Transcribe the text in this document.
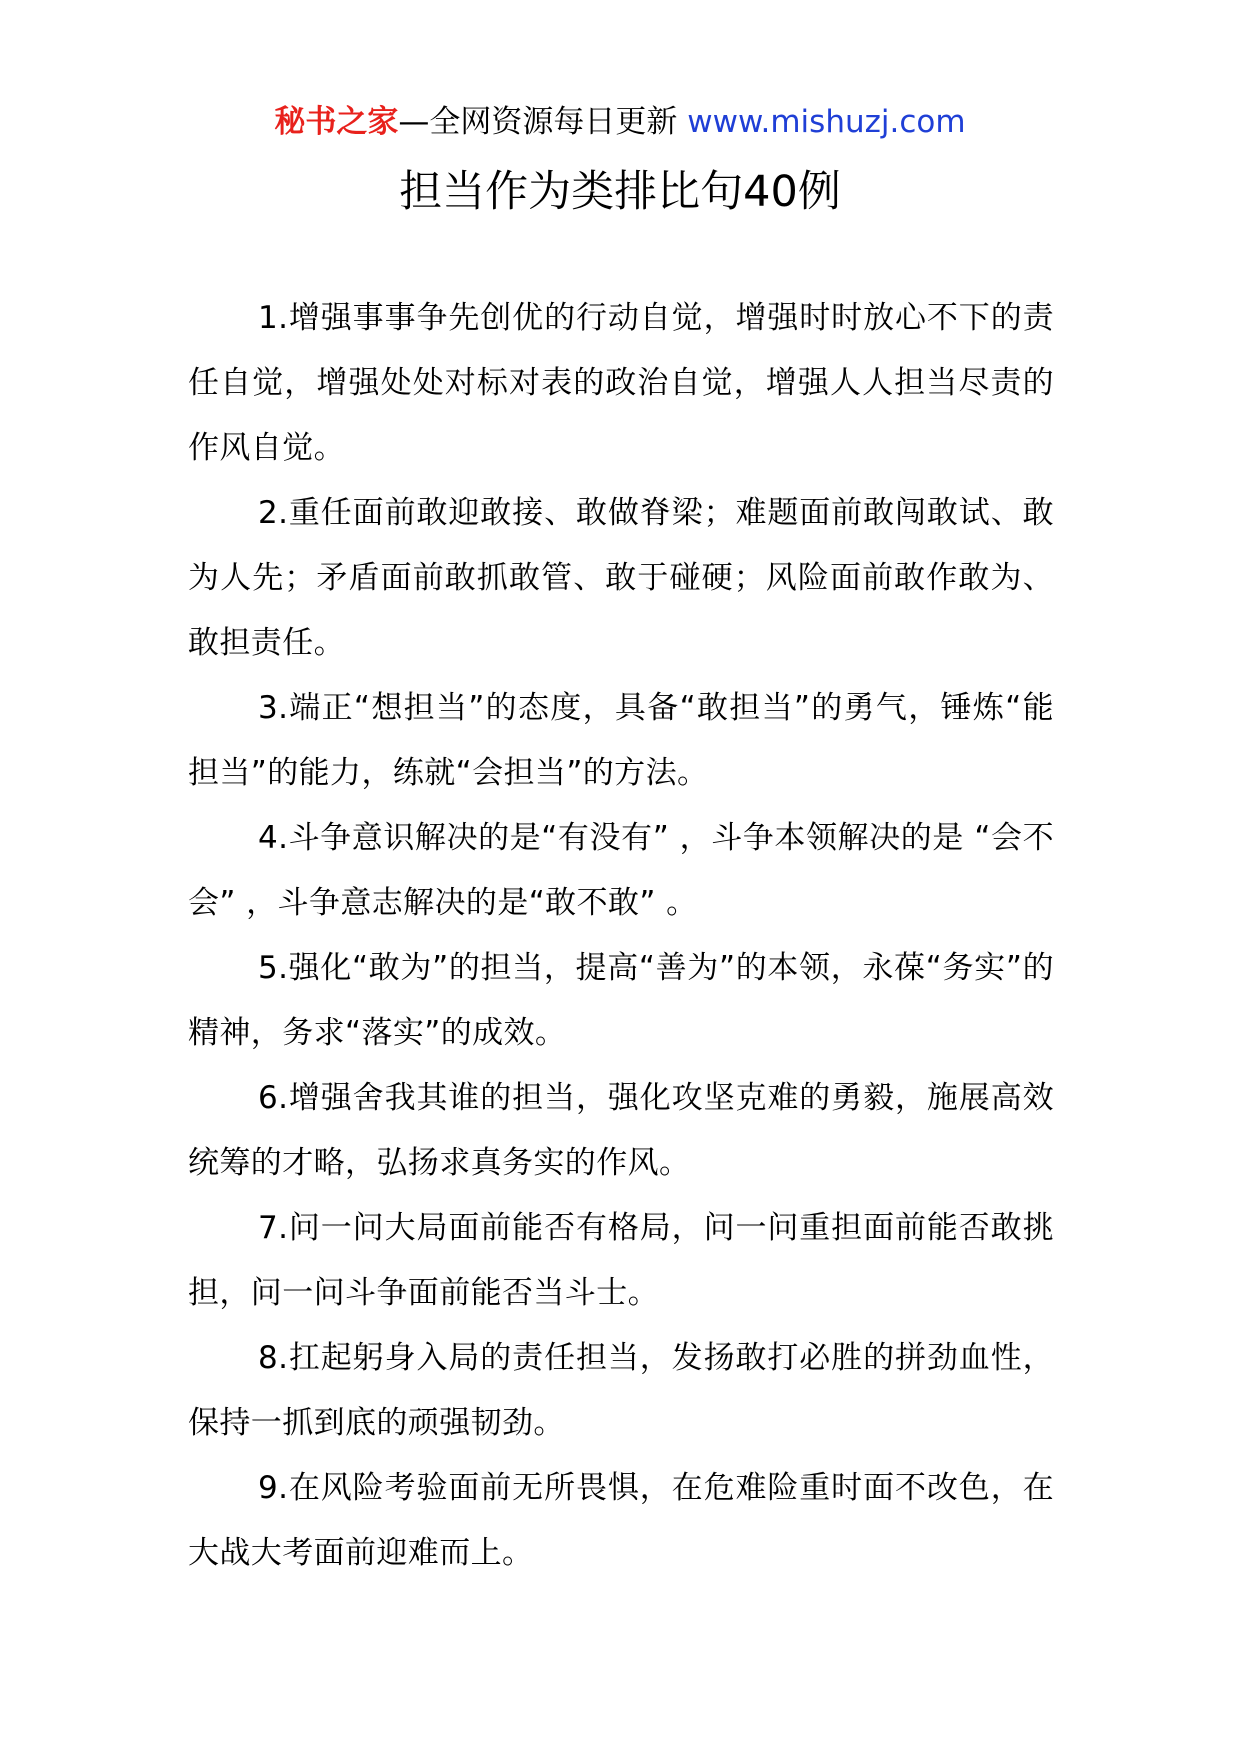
秘书之家—全网资源每日更新 www.mishuzj.com
担当作为类排比句40例

1.增强事事争先创优的行动自觉，增强时时放心不下的责任自觉，增强处处对标对表的政治自觉，增强人人担当尽责的作风自觉。

2.重任面前敢迎敢接、敢做脊梁；难题面前敢闯敢试、敢为人先；矛盾面前敢抓敢管、敢于碰硬；风险面前敢作敢为、敢担责任。

3.端正“想担当”的态度，具备“敢担当”的勇气，锤炼“能担当”的能力，练就“会担当”的方法。

4.斗争意识解决的是“有没有” ，斗争本领解决的是 “会不会” ，斗争意志解决的是“敢不敢” 。

5.强化“敢为”的担当，提高“善为”的本领，永葆“务实”的精神，务求“落实”的成效。

6.增强舍我其谁的担当，强化攻坚克难的勇毅，施展高效统筹的才略，弘扬求真务实的作风。

7.问一问大局面前能否有格局，问一问重担面前能否敢挑担，问一问斗争面前能否当斗士。

8.扛起躬身入局的责任担当，发扬敢打必胜的拼劲血性，保持一抓到底的顽强韧劲。

9.在风险考验面前无所畏惧，在危难险重时面不改色，在大战大考面前迎难而上。
